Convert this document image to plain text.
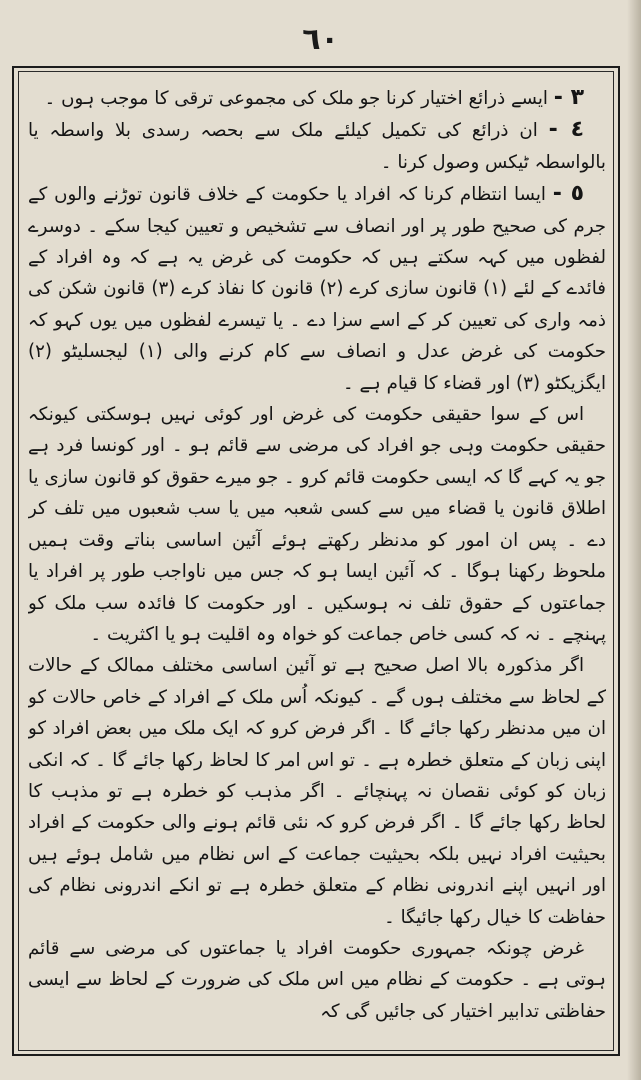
٦٠

٣ - ایسے ذرائع اختیار کرنا جو ملک کی مجموعی ترقی کا موجب ہوں ۔

٤ - ان ذرائع کی تکمیل کیلئے ملک سے بحصہ رسدی بلا واسطہ یا بالواسطہ ٹیکس وصول کرنا ۔

٥ - ایسا انتظام کرنا کہ افراد یا حکومت کے خلاف قانون توڑنے والوں کے جرم کی صحیح طور پر اور انصاف سے تشخیص و تعیین کیجا سکے ۔ دوسرے لفظوں میں کہہ سکتے ہیں کہ حکومت کی غرض یہ ہے کہ وہ افراد کے فائدے کے لئے (١) قانون سازی کرے (٢) قانون کا نفاذ کرے (٣) قانون شکن کی ذمہ واری کی تعیین کر کے اسے سزا دے ۔ یا تیسرے لفظوں میں یوں کہو کہ حکومت کی غرض عدل و انصاف سے کام کرنے والی (١) لیجسلیٹو (٢) ایگزیکٹو (٣) اور قضاء کا قیام ہے ۔

اس کے سوا حقیقی حکومت کی غرض اور کوئی نہیں ہوسکتی کیونکہ حقیقی حکومت وہی جو افراد کی مرضی سے قائم ہو ۔ اور کونسا فرد ہے جو یہ کہے گا کہ ایسی حکومت قائم کرو ۔ جو میرے حقوق کو قانون سازی یا اطلاق قانون یا قضاء میں سے کسی شعبہ میں یا سب شعبوں میں تلف کر دے ۔ پس ان امور کو مدنظر رکھتے ہوئے آئین اساسی بناتے وقت ہمیں ملحوظ رکھنا ہوگا ۔ کہ آئین ایسا ہو کہ جس میں ناواجب طور پر افراد یا جماعتوں کے حقوق تلف نہ ہوسکیں ۔ اور حکومت کا فائدہ سب ملک کو پہنچے ۔ نہ کہ کسی خاص جماعت کو خواہ وہ اقلیت ہو یا اکثریت ۔

اگر مذکورہ بالا اصل صحیح ہے تو آئین اساسی مختلف ممالک کے حالات کے لحاظ سے مختلف ہوں گے ۔ کیونکہ اُس ملک کے افراد کے خاص حالات کو ان میں مدنظر رکھا جائے گا ۔ اگر فرض کرو کہ ایک ملک میں بعض افراد کو اپنی زبان کے متعلق خطرہ ہے ۔ تو اس امر کا لحاظ رکھا جائے گا ۔ کہ انکی زبان کو کوئی نقصان نہ پہنچائے ۔ اگر مذہب کو خطرہ ہے تو مذہب کا لحاظ رکھا جائے گا ۔ اگر فرض کرو کہ نئی قائم ہونے والی حکومت کے افراد بحیثیت افراد نہیں بلکہ بحیثیت جماعت کے اس نظام میں شامل ہوئے ہیں اور انہیں اپنے اندرونی نظام کے متعلق خطرہ ہے تو انکے اندرونی نظام کی حفاظت کا خیال رکھا جائیگا ۔

غرض چونکہ جمہوری حکومت افراد یا جماعتوں کی مرضی سے قائم ہوتی ہے ۔ حکومت کے نظام میں اس ملک کی ضرورت کے لحاظ سے ایسی حفاظتی تدابیر اختیار کی جائیں گی کہ
